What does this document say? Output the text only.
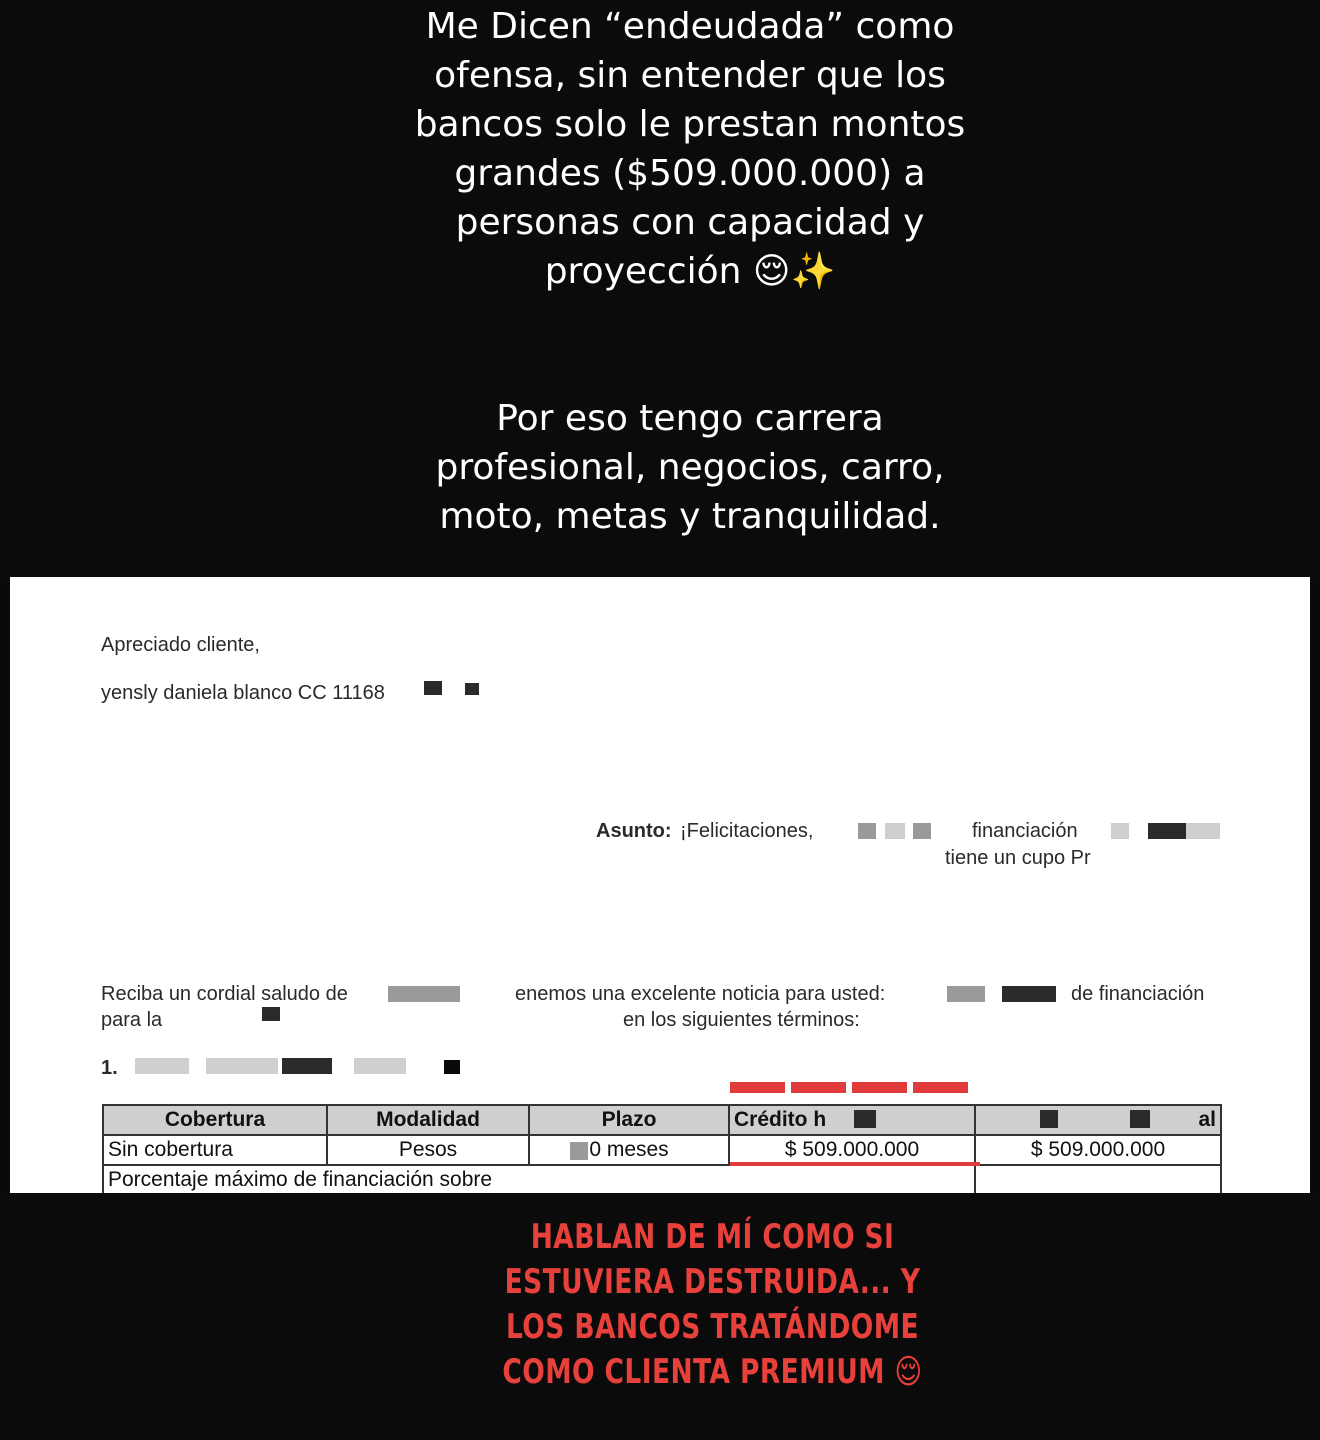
Me Dicen “endeudada” como ofensa, sin entender que los bancos solo le prestan montos grandes ($509.000.000) a personas con capacidad y proyección 😌✨
Por eso tengo carrera profesional, negocios, carro, moto, metas y tranquilidad.
Apreciado cliente,
yensly daniela blanco CC 11168
Asunto: ¡Felicitaciones,	financiación
tiene un cupo Pr
Reciba un cordial saludo de	enemos una excelente noticia para usted:	de financiación
para la	en los siguientes términos:
1.
Cobertura	Modalidad	Plazo	Crédito h	al
Sin cobertura	Pesos	0 meses	$ 509.000.000	$ 509.000.000
Porcentaje máximo de financiación sobre				
HABLAN DE MÍ COMO SI ESTUVIERA DESTRUIDA... Y LOS BANCOS TRATÁNDOME COMO CLIENTA PREMIUM 😌
